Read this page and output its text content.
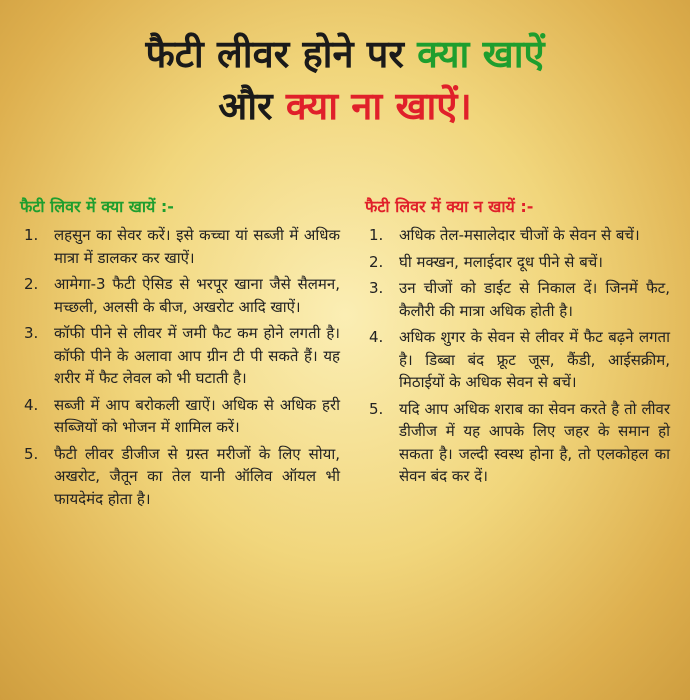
फैटी लीवर होने पर क्या खाऐं
और क्या ना खाऐं।
फैटी लिवर में क्या खायें :-
1.	लहसुन का सेवर करें। इसे कच्चा यां सब्जी में अधिक मात्रा में डालकर कर खाऐं।
2.	आमेगा-3 फैटी ऐसिड से भरपूर खाना जैसे सैलमन, मच्छली, अलसी के बीज, अखरोट आदि खाऐं।
3.	कॉफी पीने से लीवर में जमी फैट कम होने लगती है। कॉफी पीने के अलावा आप ग्रीन टी पी सकते हैं। यह शरीर में फैट लेवल को भी घटाती है।
4.	सब्जी में आप बरोकली खाऐं। अधिक से अधिक हरी सब्जियों को भोजन में शामिल करें।
5.	फैटी लीवर डीजीज से ग्रस्त मरीजों के लिए सोया, अखरोट, जैतून का तेल यानी ऑलिव ऑयल भी फायदेमंद होता है।
फैटी लिवर में क्या न खायें :-
1.	अधिक तेल-मसालेदार चीजों के सेवन से बचें।
2.	घी मक्खन, मलाईदार दूध पीने से बचें।
3.	उन चीजों को डाईट से निकाल दें। जिनमें फैट, कैलौरी की मात्रा अधिक होती है।
4.	अधिक शुगर के सेवन से लीवर में फैट बढ़ने लगता है। डिब्बा बंद फ्रूट जूस, कैंडी, आईसक्रीम, मिठाईयों के अधिक सेवन से बचें।
5.	यदि आप अधिक शराब का सेवन करते है तो लीवर डीजीज में यह आपके लिए जहर के समान हो सकता है। जल्दी स्वस्थ होना है, तो एलकोहल का सेवन बंद कर दें।
